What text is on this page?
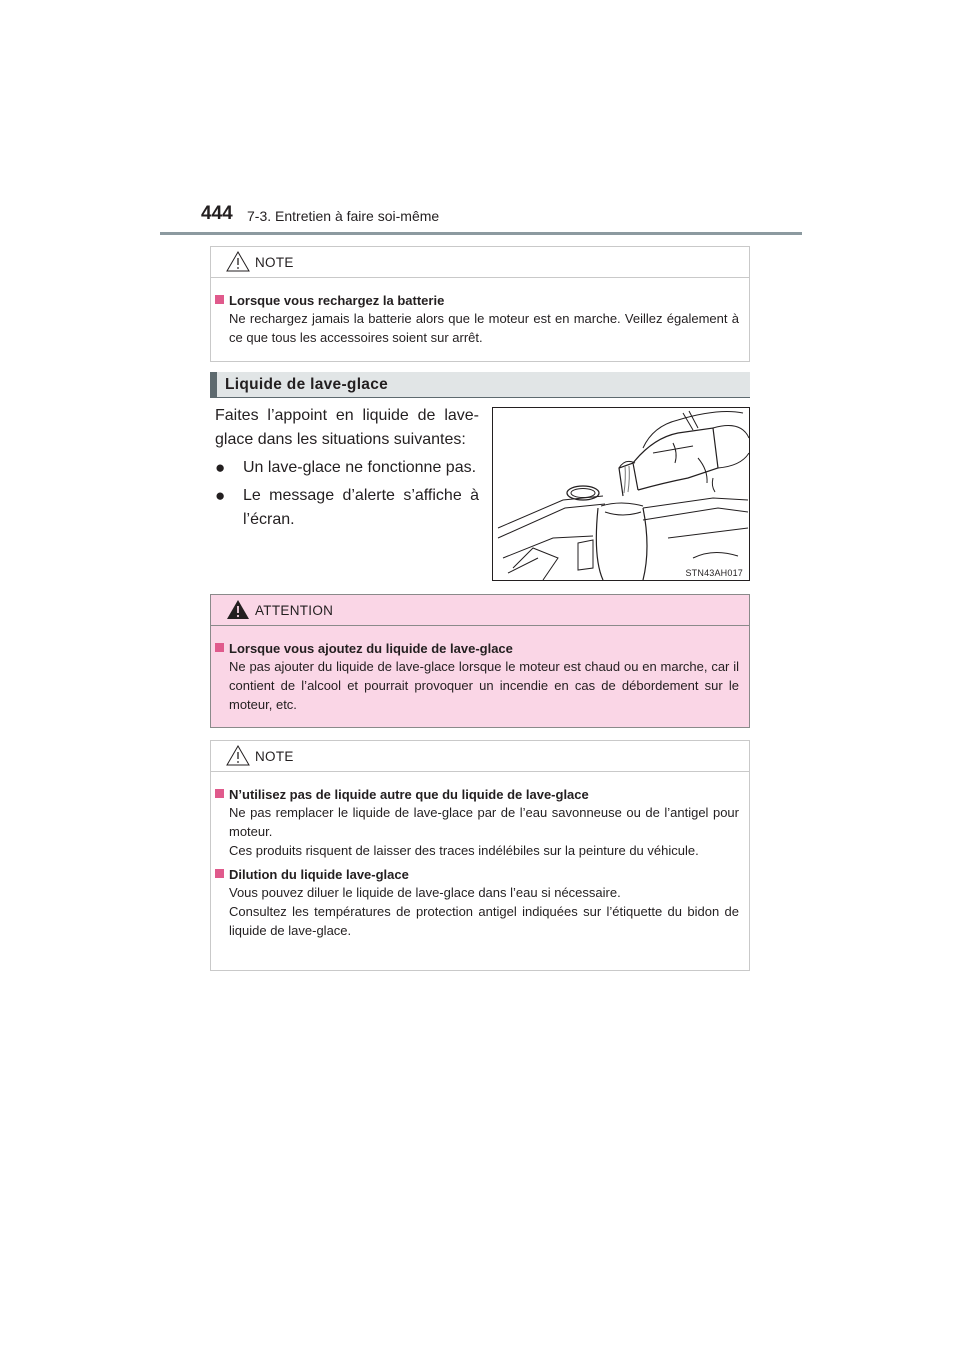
444 7-3. Entretien à faire soi-même
NOTE
Lorsque vous rechargez la batterie

Ne rechargez jamais la batterie alors que le moteur est en marche. Veillez également à ce que tous les accessoires soient sur arrêt.

Liquide de lave-glace

Faites l’appoint en liquide de lave-glace dans les situations suivantes:

● Un lave-glace ne fonctionne pas.
● Le message d’alerte s’affiche à l’écran.
STN43AH017
ATTENTION
Lorsque vous ajoutez du liquide de lave-glace

Ne pas ajouter du liquide de lave-glace lorsque le moteur est chaud ou en marche, car il contient de l’alcool et pourrait provoquer un incendie en cas de débordement sur le moteur, etc.

NOTE
N’utilisez pas de liquide autre que du liquide de lave-glace

Ne pas remplacer le liquide de lave-glace par de l’eau savonneuse ou de l’antigel pour moteur.

Ces produits risquent de laisser des traces indélébiles sur la peinture du véhicule.

Dilution du liquide lave-glace

Vous pouvez diluer le liquide de lave-glace dans l’eau si nécessaire.

Consultez les températures de protection antigel indiquées sur l’étiquette du bidon de liquide de lave-glace.
